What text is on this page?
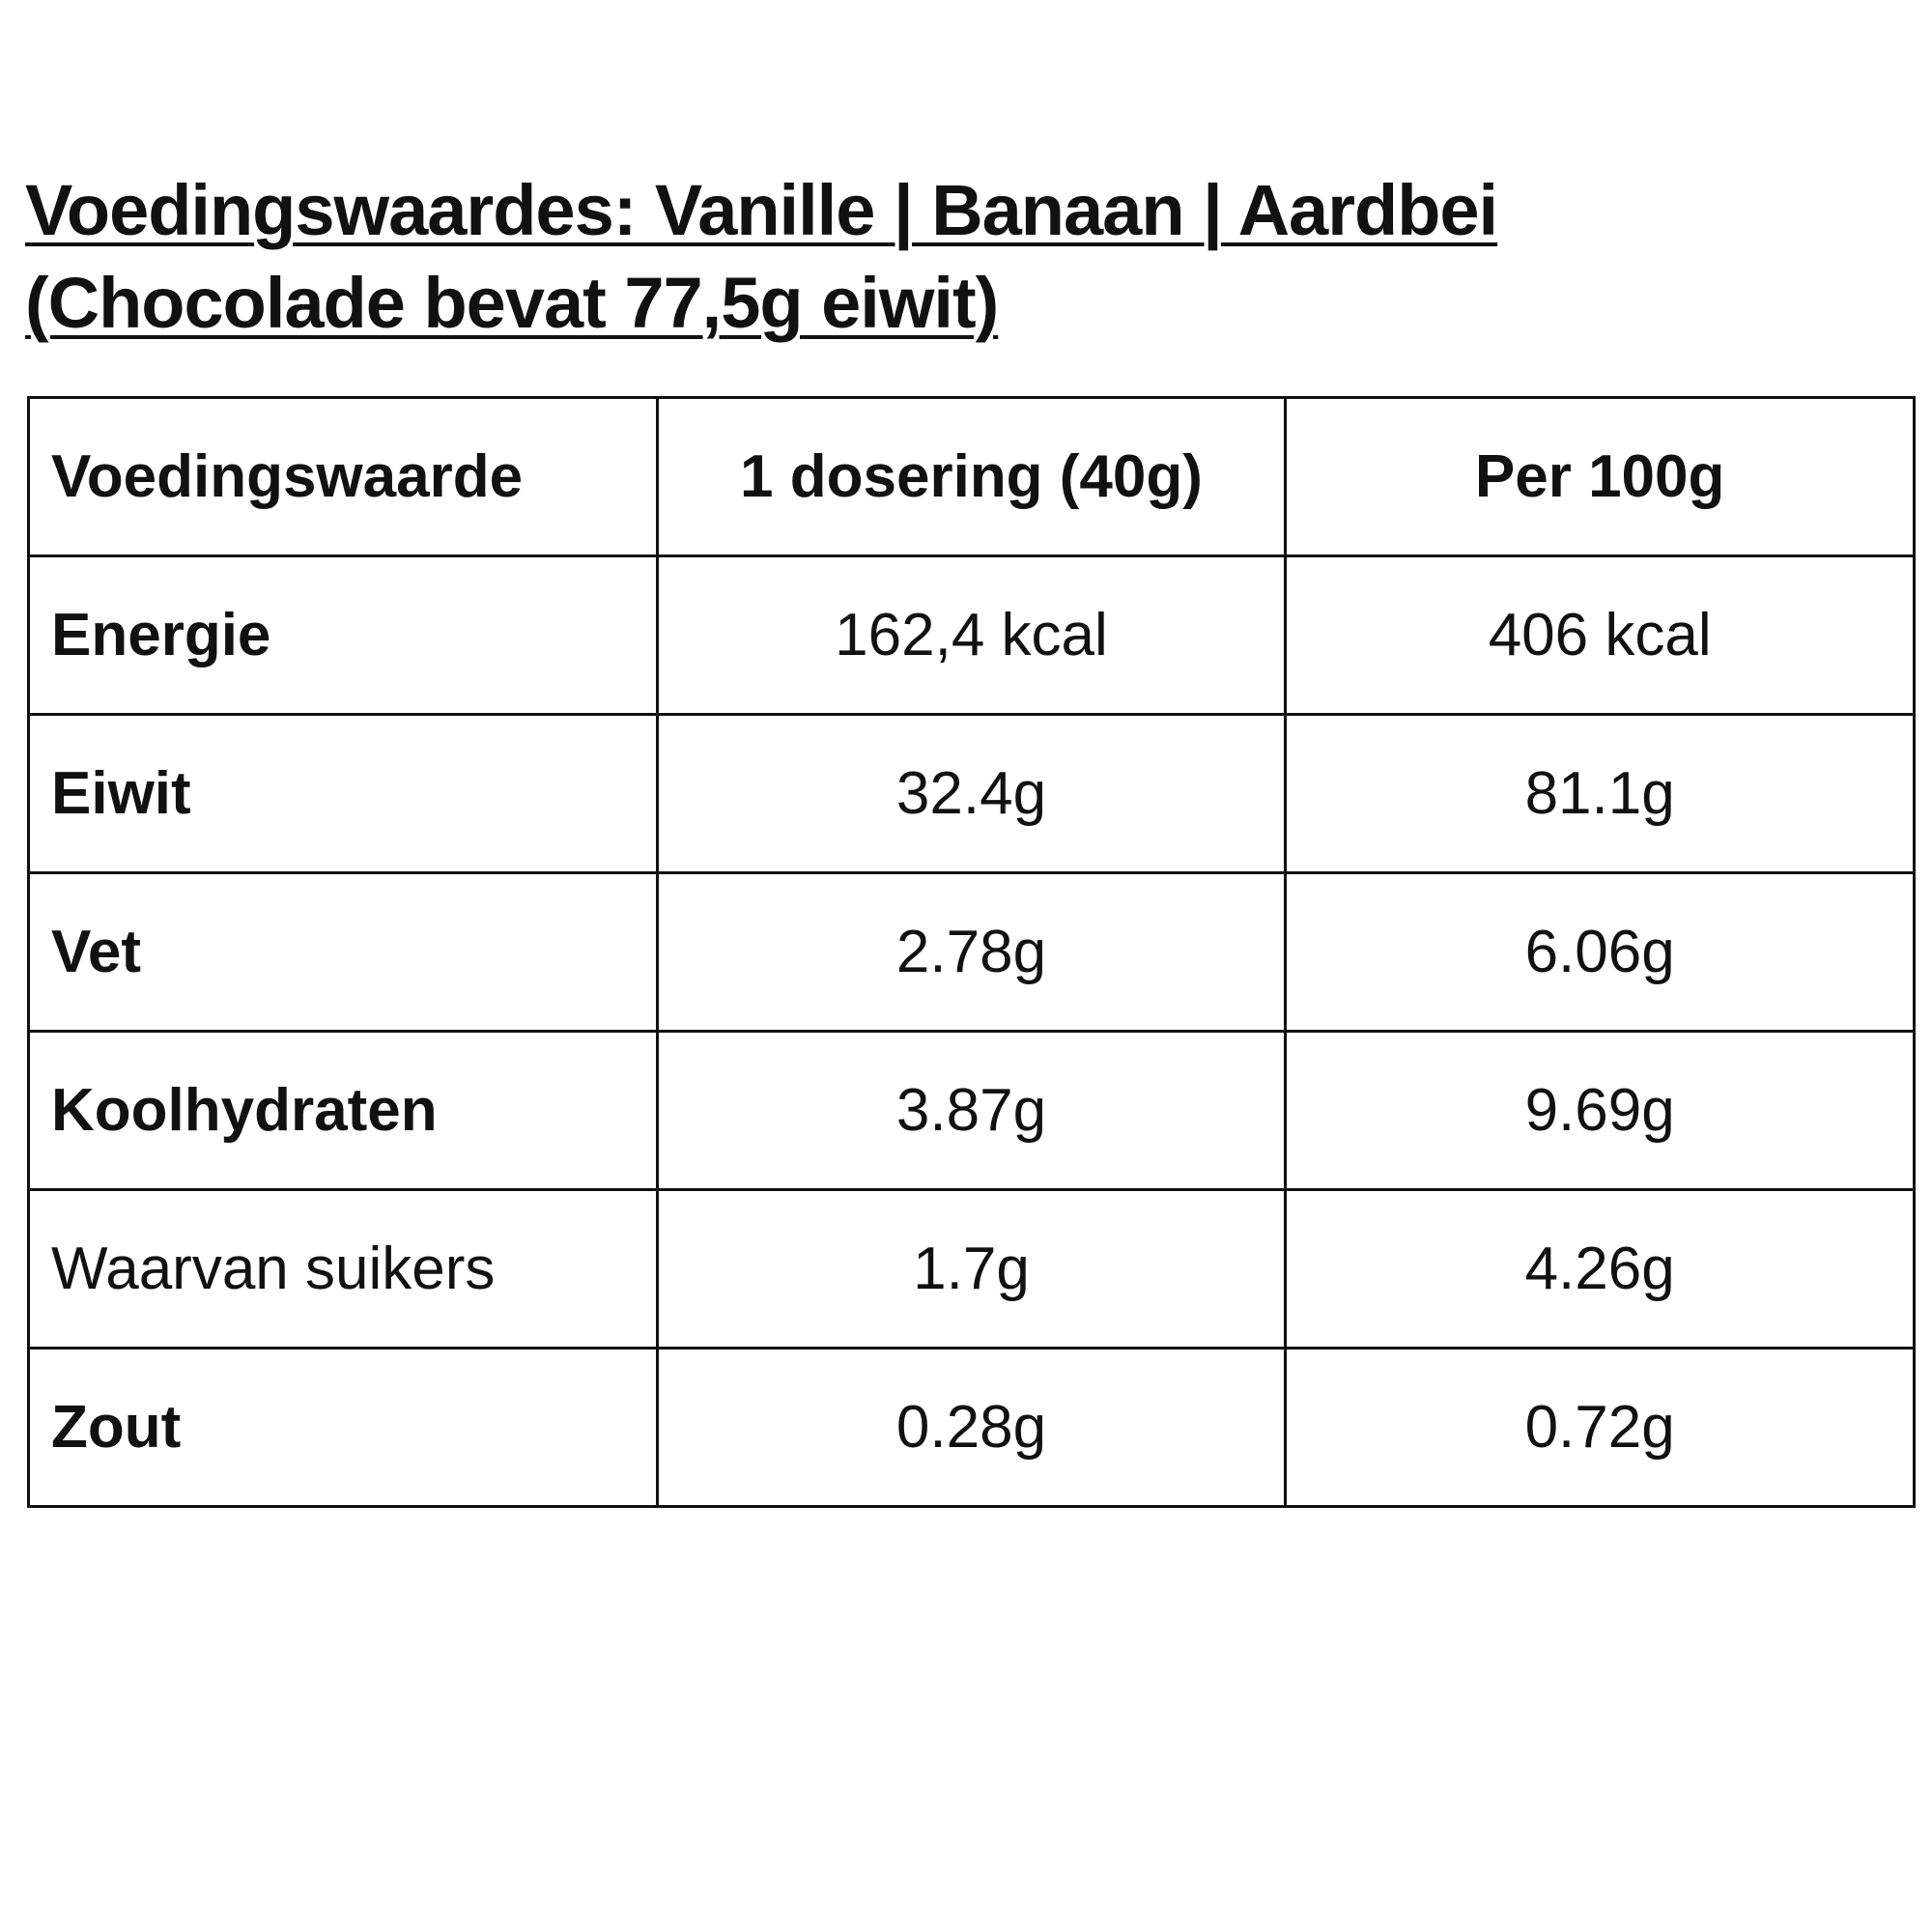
Voedingswaardes: Vanille | Banaan | Aardbei
(Chocolade bevat 77,5g eiwit)
Voedingswaarde	1 dosering (40g)	Per 100g
Energie	162,4 kcal	406 kcal
Eiwit	32.4g	81.1g
Vet	2.78g	6.06g
Koolhydraten	3.87g	9.69g
Waarvan suikers	1.7g	4.26g
Zout	0.28g	0.72g
